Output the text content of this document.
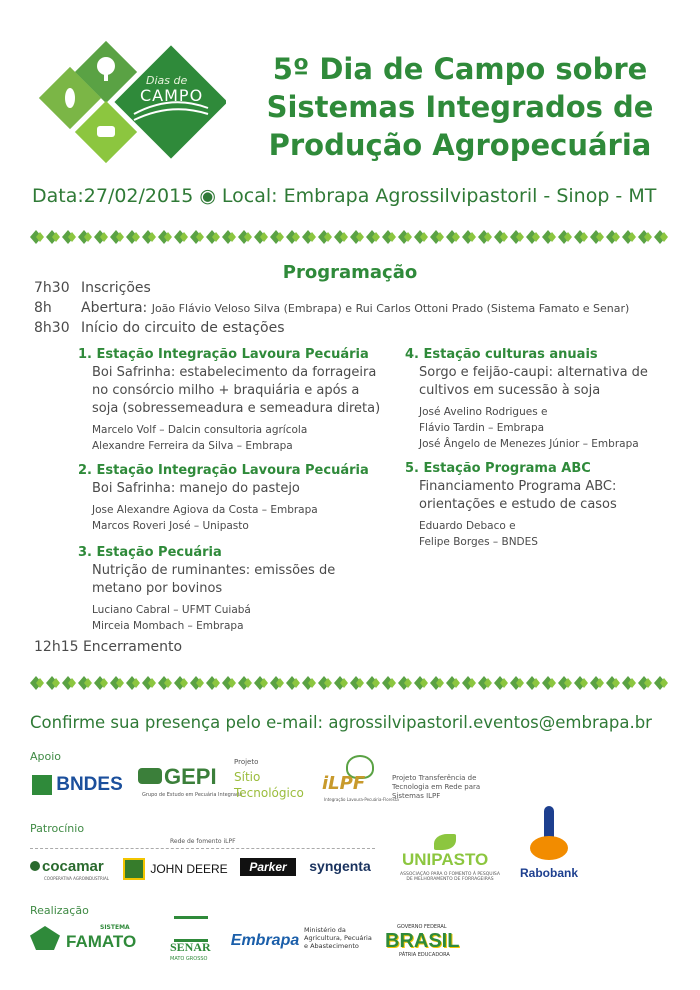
Dias de
CAMPO
5º Dia de Campo sobre
Sistemas Integrados de
Produção Agropecuária
Data:27/02/2015 ◉ Local: Embrapa Agrossilvipastoril - Sinop - MT
Programação
7h30 Inscrições
8h Abertura: João Flávio Veloso Silva (Embrapa) e Rui Carlos Ottoni Prado (Sistema Famato e Senar)
8h30 Início do circuito de estações
1. Estação Integração Lavoura Pecuária
Boi Safrinha: estabelecimento da forrageira no consórcio milho + braquiária e após a soja (sobressemeadura e semeadura direta)
Marcelo Volf – Dalcin consultoria agrícola
Alexandre Ferreira da Silva – Embrapa
2. Estação Integração Lavoura Pecuária
Boi Safrinha: manejo do pastejo
Jose Alexandre Agiova da Costa – Embrapa
Marcos Roveri José – Unipasto
3. Estação Pecuária
Nutrição de ruminantes: emissões de metano por bovinos
Luciano Cabral – UFMT Cuiabá
Mirceia Mombach – Embrapa
4. Estação culturas anuais
Sorgo e feijão-caupi: alternativa de cultivos em sucessão à soja
José Avelino Rodrigues e
Flávio Tardin – Embrapa
José Ângelo de Menezes Júnior – Embrapa
5. Estação Programa ABC
Financiamento Programa ABC: orientações e estudo de casos
Eduardo Debaco e
Felipe Borges – BNDES
12h15 Encerramento
Confirme sua presença pelo e-mail: agrossilvipastoril.eventos@embrapa.br
Apoio
BNDES GEPI
Grupo de Estudo em Pecuária Integrada
Projeto
Sítio
Tecnológico iLPF
Integração Lavoura-Pecuária-Floresta
Projeto Transferência de Tecnologia em Rede para Sistemas ILPF
Patrocínio
Rede de fomento iLPF
cocamar
COOPERATIVA AGROINDUSTRIAL
JOHN DEERE Parker syngenta UNIPASTO
ASSOCIAÇÃO PARA O FOMENTO À PESQUISA DE MELHORAMENTO DE FORRAGEIRAS	Rabobank
Realização
SISTEMA
FAMATO	SENAR
MATO GROSSO
Embrapa
Ministério da Agricultura, Pecuária e Abastecimento
GOVERNO FEDERAL
BRASIL
PÁTRIA EDUCADORA
